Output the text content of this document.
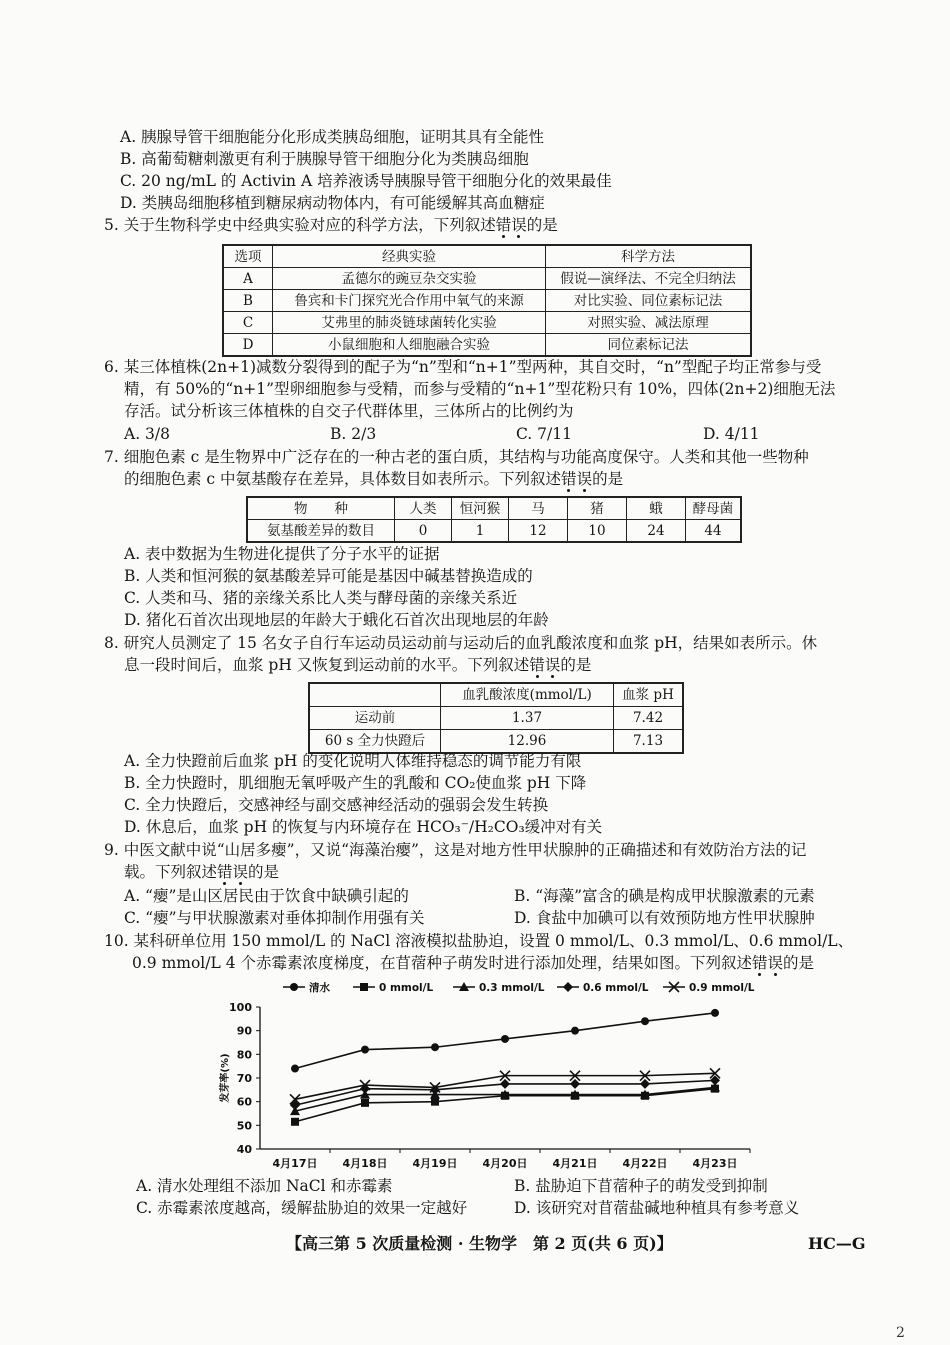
A. 胰腺导管干细胞能分化形成类胰岛细胞，证明其具有全能性
B. 高葡萄糖刺激更有利于胰腺导管干细胞分化为类胰岛细胞
C. 20 ng/mL 的 Activin A 培养液诱导胰腺导管干细胞分化的效果最佳
D. 类胰岛细胞移植到糖尿病动物体内，有可能缓解其高血糖症
5. 关于生物科学史中经典实验对应的科学方法，下列叙述错误的是
选项	经典实验	科学方法
A	孟德尔的豌豆杂交实验	假说—演绎法、不完全归纳法
B	鲁宾和卡门探究光合作用中氧气的来源	对比实验、同位素标记法
C	艾弗里的肺炎链球菌转化实验	对照实验、减法原理
D	小鼠细胞和人细胞融合实验	同位素标记法
6. 某三体植株(2n+1)减数分裂得到的配子为“n”型和“n+1”型两种，其自交时，“n”型配子均正常参与受
精，有 50%的“n+1”型卵细胞参与受精，而参与受精的“n+1”型花粉只有 10%，四体(2n+2)细胞无法
存活。试分析该三体植株的自交子代群体里，三体所占的比例约为
A. 3/8	B. 2/3	C. 7/11	D. 4/11
7. 细胞色素 c 是生物界中广泛存在的一种古老的蛋白质，其结构与功能高度保守。人类和其他一些物种
的细胞色素 c 中氨基酸存在差异，具体数目如表所示。下列叙述错误的是
物　　种	人类	恒河猴	马	猪	蛾	酵母菌
氨基酸差异的数目	0	1	12	10	24	44
A. 表中数据为生物进化提供了分子水平的证据
B. 人类和恒河猴的氨基酸差异可能是基因中碱基替换造成的
C. 人类和马、猪的亲缘关系比人类与酵母菌的亲缘关系近
D. 猪化石首次出现地层的年龄大于蛾化石首次出现地层的年龄
8. 研究人员测定了 15 名女子自行车运动员运动前与运动后的血乳酸浓度和血浆 pH，结果如表所示。休
息一段时间后，血浆 pH 又恢复到运动前的水平。下列叙述错误的是
	血乳酸浓度(mmol/L)	血浆 pH
运动前	1.37	7.42
60 s 全力快蹬后	12.96	7.13
A. 全力快蹬前后血浆 pH 的变化说明人体维持稳态的调节能力有限
B. 全力快蹬时，肌细胞无氧呼吸产生的乳酸和 CO₂使血浆 pH 下降
C. 全力快蹬后，交感神经与副交感神经活动的强弱会发生转换
D. 休息后，血浆 pH 的恢复与内环境存在 HCO₃⁻/H₂CO₃缓冲对有关
9. 中医文献中说“山居多瘿”，又说“海藻治瘿”，这是对地方性甲状腺肿的正确描述和有效防治方法的记
载。下列叙述错误的是
A. “瘿”是山区居民由于饮食中缺碘引起的	B. “海藻”富含的碘是构成甲状腺激素的元素
C. “瘿”与甲状腺激素对垂体抑制作用强有关	D. 食盐中加碘可以有效预防地方性甲状腺肿
10. 某科研单位用 150 mmol/L 的 NaCl 溶液模拟盐胁迫，设置 0 mmol/L、0.3 mmol/L、0.6 mmol/L、
0.9 mmol/L 4 个赤霉素浓度梯度，在苜蓿种子萌发时进行添加处理，结果如图。下列叙述错误的是
40
50
60
70
80
90
100
4月17日 4月18日 4月19日 4月20日 4月21日 4月22日 4月23日
发芽率(%)
清水	0 mmol/L	0.3 mmol/L	0.6 mmol/L	0.9 mmol/L
A. 清水处理组不添加 NaCl 和赤霉素	B. 盐胁迫下苜蓿种子的萌发受到抑制
C. 赤霉素浓度越高，缓解盐胁迫的效果一定越好	D. 该研究对苜蓿盐碱地种植具有参考意义
【高三第 5 次质量检测 · 生物学　第 2 页(共 6 页)】	HC—G
2
